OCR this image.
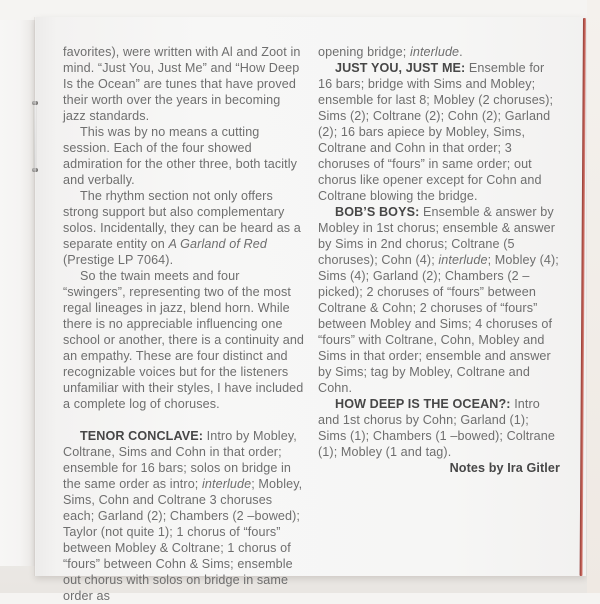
favorites), were written with Al and Zoot in mind. “Just You, Just Me” and “How Deep Is the Ocean” are tunes that have proved their worth over the years in becoming jazz standards.

This was by no means a cutting session. Each of the four showed admiration for the other three, both tacitly and verbally.

The rhythm section not only offers strong support but also complementary solos. Incidentally, they can be heard as a separate entity on A Garland of Red (Prestige LP 7064).

So the twain meets and four “swingers”, representing two of the most regal lineages in jazz, blend horn. While there is no appreciable influencing one school or another, there is a continuity and an empathy. These are four distinct and recognizable voices but for the listeners unfamiliar with their styles, I have included a complete log of choruses.

TENOR CONCLAVE: Intro by Mobley, Coltrane, Sims and Cohn in that order; ensemble for 16 bars; solos on bridge in the same order as intro; interlude; Mobley, Sims, Cohn and Coltrane 3 choruses each; Garland (2); Chambers (2 –bowed); Taylor (not quite 1); 1 chorus of “fours” between Mobley & Coltrane; 1 chorus of “fours” between Cohn & Sims; ensemble out chorus with solos on bridge in same order as

opening bridge; interlude.

JUST YOU, JUST ME: Ensemble for 16 bars; bridge with Sims and Mobley; ensemble for last 8; Mobley (2 choruses); Sims (2); Coltrane (2); Cohn (2); Garland (2); 16 bars apiece by Mobley, Sims, Coltrane and Cohn in that order; 3 choruses of “fours” in same order; out chorus like opener except for Cohn and Coltrane blowing the bridge.

BOB’S BOYS: Ensemble & answer by Mobley in 1st chorus; ensemble & answer by Sims in 2nd chorus; Coltrane (5 choruses); Cohn (4); interlude; Mobley (4); Sims (4); Garland (2); Chambers (2 –picked); 2 choruses of “fours” between Coltrane & Cohn; 2 choruses of “fours” between Mobley and Sims; 4 choruses of “fours” with Coltrane, Cohn, Mobley and Sims in that order; ensemble and answer by Sims; tag by Mobley, Coltrane and Cohn.

HOW DEEP IS THE OCEAN?: Intro and 1st chorus by Cohn; Garland (1); Sims (1); Chambers (1 –bowed); Coltrane (1); Mobley (1 and tag).

Notes by Ira Gitler
